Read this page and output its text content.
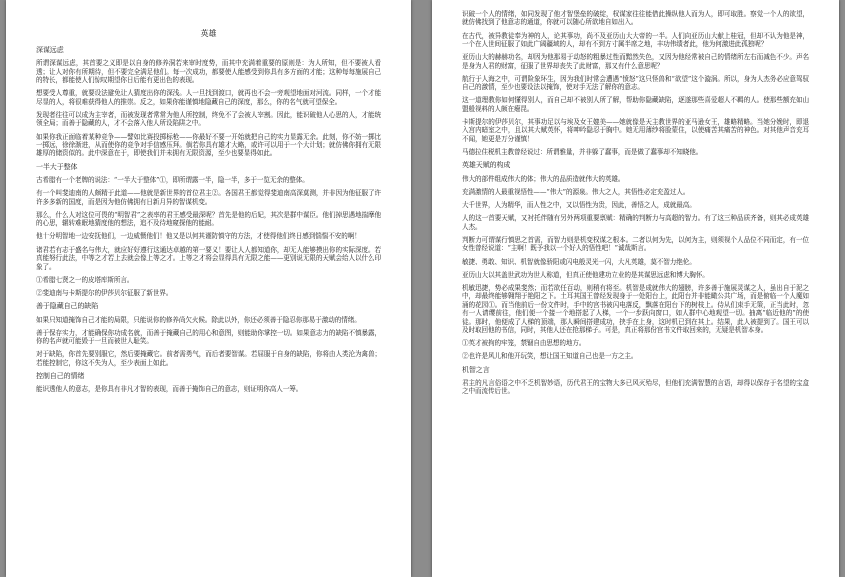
英雄
深谋远虑
所谓深谋远虑，其首要之义即是以自身的修养洞若来审时度势，而其中充满着重要的原则是：为人所知，但不要被人看透；让人对你有所期待，但不要完全满足他们。每一次成功，都要使人能感受到你具有多方面的才能；这种每每施展自己的特长，都能使人们惊叹期望你日后能有更出色的表现。
想要受人尊重，就要设法避免让人猜度出你的深浅。人一旦找到渡口，就再也不会一旁观望地面对河流。同样，一个才能尽显的人，将很难获得他人的推崇。反之，如果你能谨慎地隐藏自己的深度，那么，你的名气就可望保全。
发现者往往可以成为主宰者，而被发现者常常为他人所控制，终免不了会被人宰割。因此，能识破他人心思的人，才能统领全局；而善于隐藏的人，才不会落入他人所设陷阱之中。
如果你我正面临着某种竞争——譬如比赛投掷标枪——你最好不要一开始就把自己的实力显露无余。此刻，你不妨一掷比一掷远，徐徐渐进，从而使你的竞争对手信感压拜。倘若你具有雄才大略，或许可以用于一个大计划；就仿佛你拥有无限雄厚的储资似的。此中深意在于，即使我们并未拥有无限资源，至少也要显得如此。
一半大于整体
古希腊有一个老牌的说法：“一半大于整体”①，即所谓露一半，隐一半，多于一览无余的整体。
有一个叫斐迪南的人颇精于此道——他就是新世界的首位君主②。各国君王都觉得斐迪南高深莫测，并非因为他征服了许许多多新的国度，而是因为他仿佛拥有日新月异的智谋机变。
那么，什么人对这位可畏的“明智君”之表率的君王感受最深呢？首先是他的后妃，其次是群中谋臣。他们掉思遇地揣摩他的心思，辗转难眠地猜度他的想法，追不及待地窥探他的能耐。
他十分明智地一边安抚他们，一边威慑他们！他又是以何其谨防慎守的方法，才使得他们终日感到惴惴不安的啊！
诸君若有志于盛名与伟大，就应好好遵行这通达卓越的第一要义！要让人人都知道你，却无人能够摸出你的实际深度。若真能努行此法，中等之才若上去就会像上等之才。上等之才将会显得具有无限之能——更别说无限的天赋会给人以什么印象了。
①希腊七贤之一的皮塔库斯所言。
②斐迪南与卡斯提尔的伊莎贝尔征服了新世界。
善于隐藏自己的缺陷
如果只知道掩饰自己才能的局限，只能说你的修养尚欠火候。除此以外，你还必须善于隐忍你那易于激动的情绪。
善于保存实力，才能确保你功成名就，而善于掩藏自己的用心和意图，则能助你掌控一切。如果意志力的缺陷不慎暴露，你的名声就可能毁于一旦而被世人耻笑。
对于缺陷，你首先要别服它，然后要掩藏它。前者需勇气，而后者要智谋。若屈服于自身的缺陷，你将由人类沦为禽兽；若能控制它，你这不失为人，至少表面上如此。
控制自己的情绪
能识透他人的意志，是你具有非凡才智的表现，而善于掩饰自己的意志，则证明你高人一筹。
识破一个人的情绪，如同发现了他才智堡垒的破绽，权谋家往往能借此操纵他人而为人，即可取胜。察觉一个人的欲望，就仿佛找到了他意志的通道，你就可以随心所欲地自如出入。
在古代，被异教徒奉为神的人，论其事功，尚不及亚历山大大帝的一半。人们向亚历山大献上桂冠，但却不认为他是神，一个在人世间征服了如此广阔疆域的人，却有不到方寸属半席之地，丰功伟绩者此，他为何激进此孤独呢？
亚历山大的赫赫功名，却因为他那易于动怒的粗暴过性而黯然失色，又因为他经常被自己的情绪所左右而减色不少。声名是身为人君的财富，征服了世界却丧失了此财富，那又有什么意思呢？
航行于人海之中，可谓险象环生，因为我们时常会遭遇“愤怒”这只怪兽和“欲望”这个漩涡。所以，身为人杰务必应意驾驭自己的激情，至少也要设法以掩饰，使对手无法了解你的意志。
这一道理教你如何懂得别人，而自己却不被别人所了解，帮助你隐藏缺陷，逐遂那些喜爱超人不羁的人。使那些额充如山盟般视料的人颇在瘪昆。
卡斯提尔的伊莎贝尔，其事功足以与埃及女王媲美——她就像是天主教世界的亚马逊女王，雄略精略。当她分娩时，即退入宫内暗室之中，且以其大赋英怀，将呻吟隐忍于胸中。她无用薄纱将脸蒙住，以使痛苦其痛苦的神色。对其他声音充耳不闻，她更是万分谨慎！
马德拉住税机主教曾经说过：所谓雅量，并非躲了蠢事，而是做了蠢事却不知晓他。
英雄天赋的构成
伟大的部件组成伟大的体；伟大的品质造就伟大的英雄。
充满激情的人最重视悟性——“伟大”的源泉。伟大之人，其悟性必定充盈过人。
大千世界，人为精华，而人性之中，又以悟性为贵，因此，善悟之人，成就最高。
人的这一首要天赋，又衬托伴随有另外两项重要禀赋：精确的判断力与高超的智力。有了这三种品质齐备，则其必成英雄人杰。
判断力可谓谋行慎思之首需，而智力则是机变权谋之根本。二者以何为先，以何为主，则须视个人品位不同而定，有一位女性曾经说道：“主啊！既予我以一个好人的悟性吧！”诚哉斯言。
敏捷、勇敢、知识、机智就像骄阳或闪电般灵光一闪，大凡英雄，莫不智力绝伦。
亚历山大以其盖世武功为世人称道，但真正使他建功立业的是其谋思远虑和博大胸怀。
机敏迅捷，势必成果斐然；而若欲任百动，则稍有将至。机智是成就伟大的翅膀，许多善于施展灵谋之人，虽出自于泥之中，却最终能够翱翔于艳阳之下。土耳其国王曾经发现身于一处阳台上，此阳台并非能瞰公共广场，而是俯临一个人魔如涌的花园①。而当他前后一份文件时，手中的宫书被闪电落反，飘落在阳台下的树枝上。侍从们束手无策，正当此时，忽有一人请缨前往，他们便一个接一个地搭起了人梯，一个一步跃向窗口，如人群中心地观望一切。抽离“临近他的”的使徒。那时，他便成了人梯的顶端，那人瞬间搭建成功，挟手在上身，这时机已到在其上。结果，此人被提到了。国王可以及时取回他的书信，同时，其他人还在抢那梯子。可是，真正将那份宫书文件取回来的，无疑是机智本身。
①英才被拘的牢笼，禁锢自由思想的地方。
②也许是风儿和他开玩笑，想让国王知道自己也是一方之主。
机智之言
君主的凡言俗语之中不乏机智妙语，历代君王的宝物大多已风灭殆尽，但他们充满智慧的言语，却得以保存于名望的宝盒之中而流传后世。
